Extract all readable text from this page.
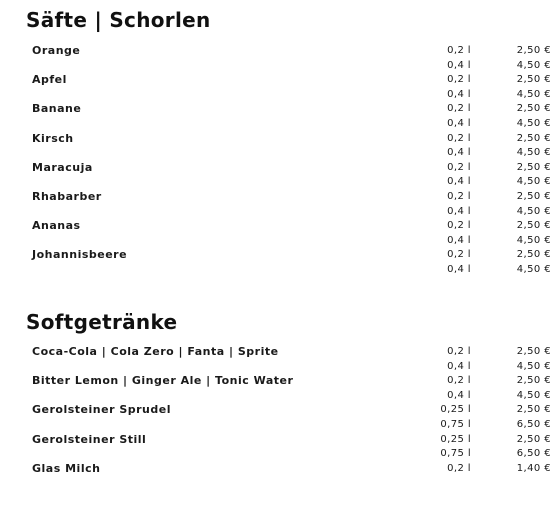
Säfte | Schorlen
Orange	0,2 l	2,50 €
0,4 l	4,50 €
Apfel	0,2 l	2,50 €
0,4 l	4,50 €
Banane	0,2 l	2,50 €
0,4 l	4,50 €
Kirsch	0,2 l	2,50 €
0,4 l	4,50 €
Maracuja	0,2 l	2,50 €
0,4 l	4,50 €
Rhabarber	0,2 l	2,50 €
0,4 l	4,50 €
Ananas	0,2 l	2,50 €
0,4 l	4,50 €
Johannisbeere	0,2 l	2,50 €
0,4 l	4,50 €
Softgetränke
Coca-Cola | Cola Zero | Fanta | Sprite	0,2 l	2,50 €
0,4 l	4,50 €
Bitter Lemon | Ginger Ale | Tonic Water	0,2 l	2,50 €
0,4 l	4,50 €
Gerolsteiner Sprudel	0,25 l	2,50 €
0,75 l	6,50 €
Gerolsteiner Still	0,25 l	2,50 €
0,75 l	6,50 €
Glas Milch	0,2 l	1,40 €
